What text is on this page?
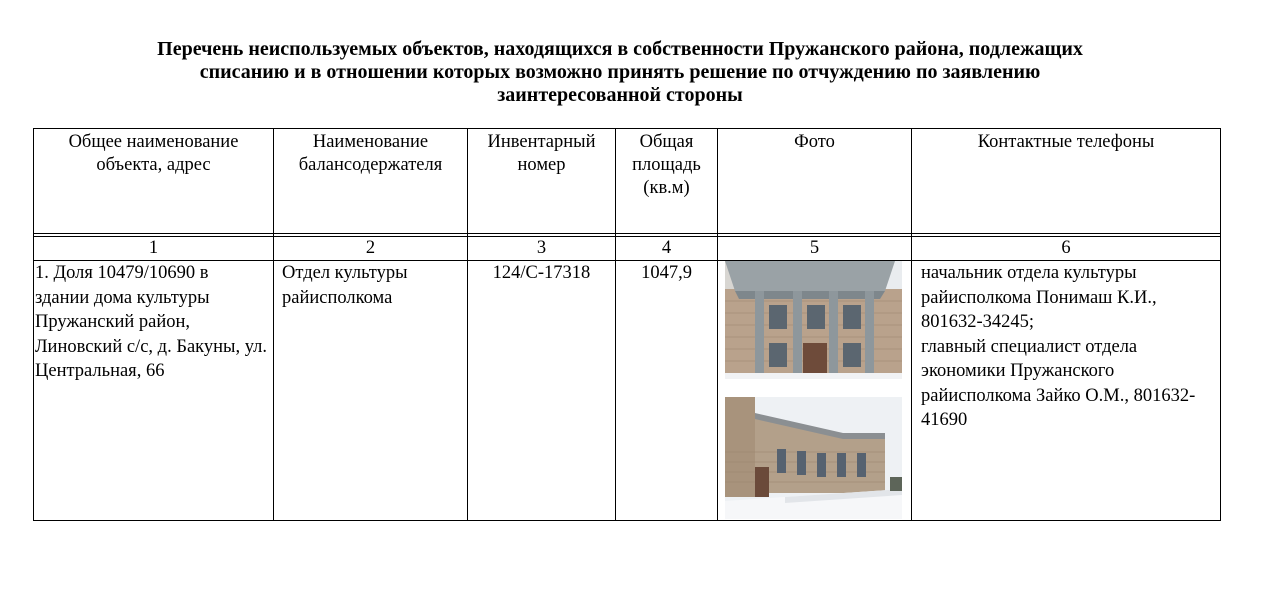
Перечень неиспользуемых объектов, находящихся в собственности Пружанского района, подлежащих
списанию и в отношении которых возможно принять решение по отчуждению по заявлению
заинтересованной стороны
Общее наименование объекта, адрес	Наименование балансодержателя	Инвентарный номер	Общая площадь (кв.м)	Фото	Контактные телефоны

1	2	3	4	5	6
1. Доля 10479/10690 в здании дома культуры Пружанский район, Линовский с/с, д. Бакуны, ул. Центральная, 66	Отдел культуры райисполкома	124/С-17318	1047,9		начальник отдела культуры райисполкома Понимаш К.И., 801632-34245;
главный специалист отдела экономики Пружанского райисполкома Зайко О.М., 801632-41690
